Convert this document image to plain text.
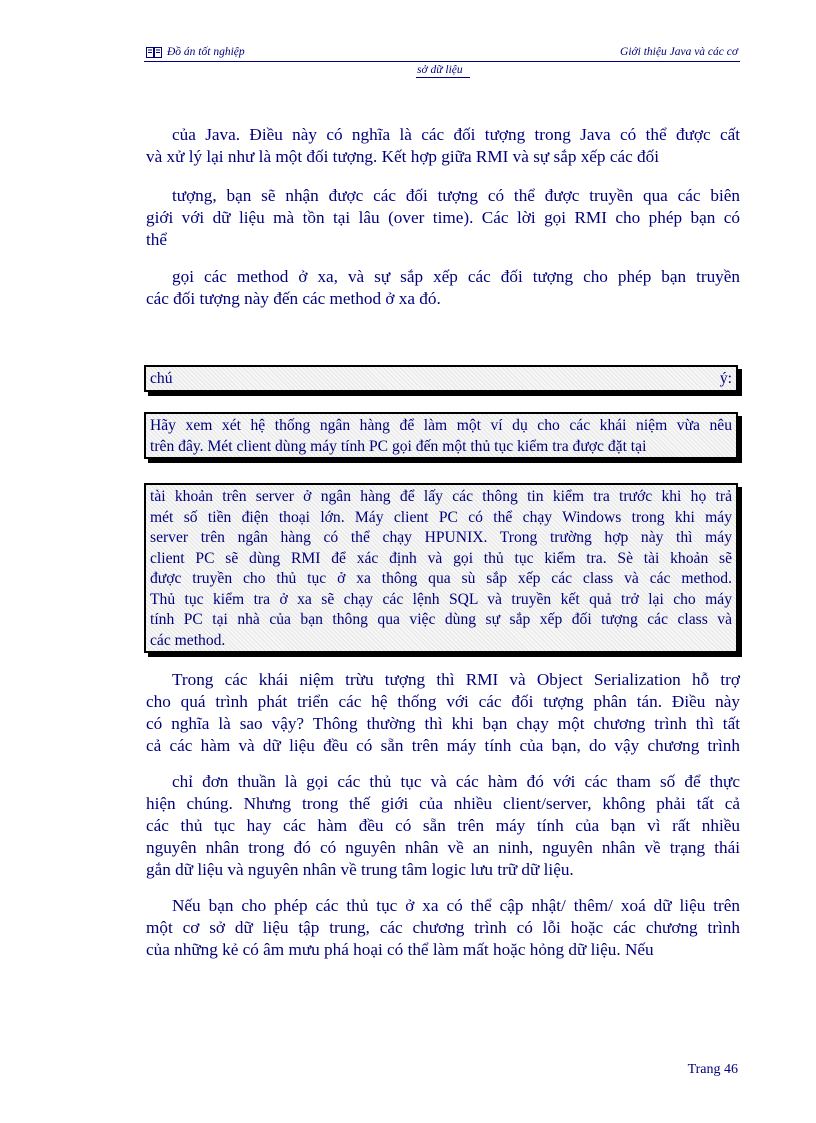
Đồ án tốt nghiệp	Giới thiệu Java và các cơ
sở dữ liệu
của Java. Điều này có nghĩa là các đối tượng trong Java có thể được cất
và xử lý lại như là một đối tượng. Kết hợp giữa RMI và sự sắp xếp các đối
tượng, bạn sẽ nhận được các đối tượng có thể được truyền qua các biên
giới với dữ liệu mà tồn tại lâu (over time). Các lời gọi RMI cho phép bạn có
thể
gọi các method ở xa, và sự sắp xếp các đối tượng cho phép bạn truyền
các đối tượng này đến các method ở xa đó.
chú	ý:
Hãy xem xét hệ thống ngân hàng để làm một ví dụ cho các khái niệm vừa nêu
trên đây. Mét client dùng máy tính PC gọi đến một thủ tục kiểm tra được đặt tại
tài khoản trên server ở ngân hàng để lấy các thông tin kiểm tra trước khi họ trả
mét số tiền điện thoại lớn. Máy client PC có thể chạy Windows trong khi máy
server trên ngân hàng có thể chạy HPUNIX. Trong trường hợp này thì máy
client PC sẽ dùng RMI để xác định và gọi thủ tục kiểm tra. Sè tài khoản sẽ
được truyền cho thủ tục ở xa thông qua sù sắp xếp các class và các method.
Thủ tục kiểm tra ở xa sẽ chạy các lệnh SQL và truyền kết quả trở lại cho máy
tính PC tại nhà của bạn thông qua việc dùng sự sắp xếp đối tượng các class và
các method.
Trong các khái niệm trừu tượng thì RMI và Object Serialization hỗ trợ
cho quá trình phát triển các hệ thống với các đối tượng phân tán. Điều này
có nghĩa là sao vậy? Thông thường thì khi bạn chạy một chương trình thì tất
cả các hàm và dữ liệu đều có sẵn trên máy tính của bạn, do vậy chương trình
chỉ đơn thuần là gọi các thủ tục và các hàm đó với các tham số để thực
hiện chúng. Nhưng trong thế giới của nhiều client/server, không phải tất cả
các thủ tục hay các hàm đều có sẵn trên máy tính của bạn vì rất nhiều
nguyên nhân trong đó có nguyên nhân về an ninh, nguyên nhân về trạng thái
gắn dữ liệu và nguyên nhân về trung tâm logic lưu trữ dữ liệu.
Nếu bạn cho phép các thủ tục ở xa có thể cập nhật/ thêm/ xoá dữ liệu trên
một cơ sở dữ liệu tập trung, các chương trình có lỗi hoặc các chương trình
của những kẻ có âm mưu phá hoại có thể làm mất hoặc hỏng dữ liệu. Nếu
Trang 46
